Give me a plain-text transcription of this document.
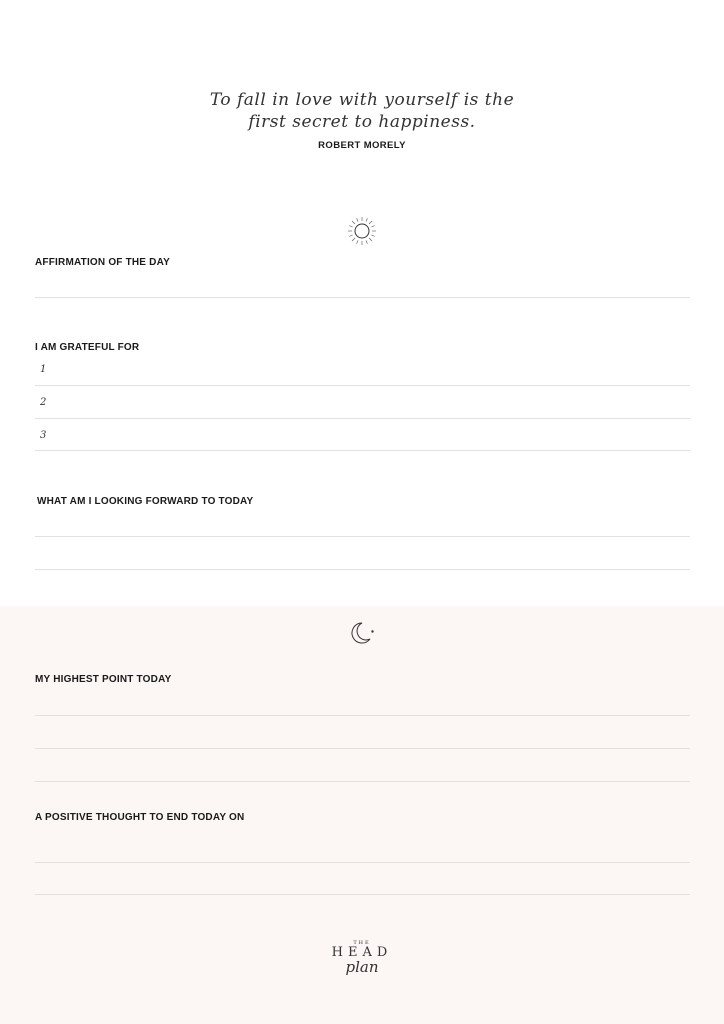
To fall in love with yourself is the
first secret to happiness.
ROBERT MORELY
AFFIRMATION OF THE DAY
I AM GRATEFUL FOR
1
2
3
WHAT AM I LOOKING FORWARD TO TODAY
MY HIGHEST POINT TODAY
A POSITIVE THOUGHT TO END TODAY ON
THE
HEAD
plan
